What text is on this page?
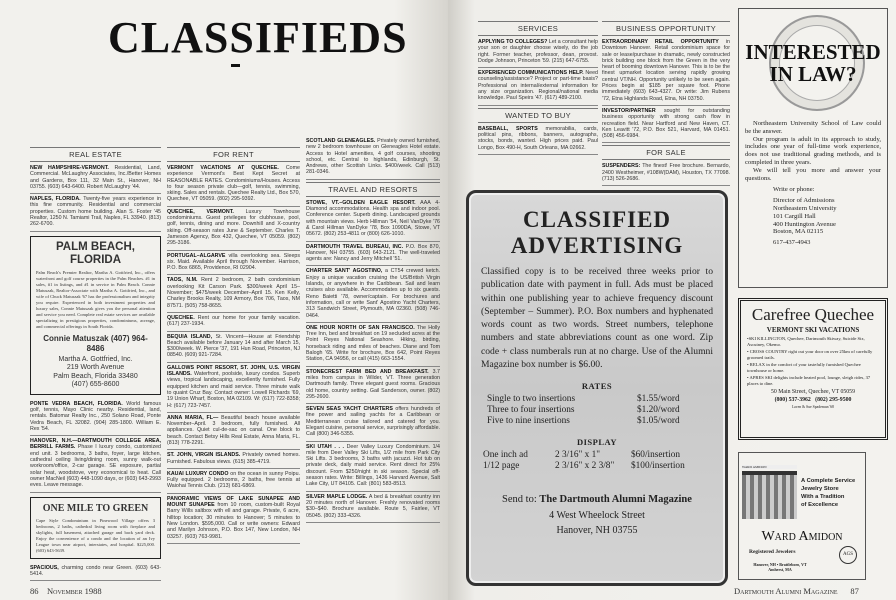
CLASSIFIEDS
REAL ESTATE
NEW HAMPSHIRE-VERMONT. Residential, Land, Commercial. McLaughry Associates, Inc./Better Homes and Gardens, Box 111, 32 Main St., Hanover, NH 03755. (603) 643-6400. Robert McLaughry '44.
NAPLES, FLORIDA. Twenty-five years experience in this fine community. Residential and commercial properties. Custom home building. Alan S. Foster '45 Realtor, 1250 N. Tamiami Trail, Naples, FL 33940. (813) 262-6700.
PALM BEACH, FLORIDA
Palm Beach's Premier Realtor, Martha A. Gottfried, Inc., offers waterfront and golf course properties in the Palm Beaches. #1 in sales, #1 in listings, and #1 in service in Palm Beach. Connie Matuszak, Realtor-Associate with Martha A. Gottfried, Inc., and wife of Chuck Matuszak '67 has the professionalism and integrity you require. Experienced in both investment properties and luxury sales, Connie Matuszak gives you the personal attention and service you need. Complete real estate services are available specializing in prestigious properties, condominiums, acreage, and commercial offerings in South Florida.
Connie Matuszak (407) 964-8486
Martha A. Gottfried, Inc.
219 Worth Avenue
Palm Beach, Florida 33480
(407) 655-8600
PONTE VEDRA BEACH, FLORIDA. World famous golf, tennis, Mayo Clinic nearby. Residential, land, rentals. Batomar Realty Inc., 250 Solano Road, Ponte Vedra Beach, FL 32082. (904) 285-1800. William E. Rex '54.
HANOVER, N.H.—DARTMOUTH COLLEGE AREA, BERRILL FARMS. Phase I luxury condo, customized end unit. 3 bedrooms, 3 baths, foyer, large kitchen, cathedral ceiling living/dining room, sunny walk-out workroom/office, 2-car garage. SE exposure, partial solar heat, woodstove, very economical to heat. Call owner MacNeil (603) 448-1090 days, or (603) 643-2993 eves. Leave message.
ONE MILE TO GREEN
Cape Style Condominium in Pinewood Village offers 3 bedrooms, 2 baths, cathedral living room with fireplace and skylights, full basement, attached garage and back yard deck. Enjoy the convenience of a condo and the location of an Ivy League town near airport, interstates, and hospital. $225,000. (603) 643-5639.
SPACIOUS, charming condo near Green. (603) 643-5414.
FOR RENT
VERMONT VACATIONS AT QUECHEE. Come experience Vermont's Best Kept Secret at REASONABLE RATES. Condominiums/Houses. Access to four season private club—golf, tennis, swimming, skiing. Sales and rentals. Quechee Realty Ltd., Box 570, Quechee, VT 05059. (802) 295-9392.
QUECHEE, VERMONT. Luxury Townhouse condominiums. Guest privileges for clubhouse, pool, golf, tennis, dining and more. Downhill and X-country skiing. Off-season rates June & September. Charles T. Jameson Agency, Box 432, Quechee, VT 05059. (802) 295-3186.
PORTUGAL–ALGARVE villa overlooking sea. Sleeps six. Maid. Available April through November. Harrison, P.O. Box 6865, Providence, RI 02904.
TAOS, N.M. Rent 2 bedroom, 2 bath condominium overlooking Kit Carson Park. $300/week April 15–November; $475/week December–April 15. Ken Kelly, Charley Brooks Realty, 109 Armory, Box 706, Taos, NM 87571. (505) 758-8655.
QUECHEE. Rent our home for your family vacation. (617) 237-1934.
BEQUIA ISLAND, St. Vincent—House at Friendship Beach available before January 14 and after March 15, $300/week. W. Pierce '37, 191 Hun Road, Princeton, NJ 08540. (609) 921-7284.
GALLOWS POINT RESORT, ST. JOHN, U.S. VIRGIN ISLANDS. Waterfront, poolside, luxury condos. Superb views, tropical landscaping, excellently furnished. Fully equipped kitchen and maid service. Three minute walk to quaint Cruz Bay. Contact owner: Lowell Richards '69, 19 Union Wharf, Boston, MA 02109. W: (617) 722-8358; H: (617) 723-7457.
ANNA MARIA, FL— Beautiful beach house available November–April. 3 bedroom, fully furnished. All appliances. Quiet cul-de-sac on canal. One block to beach. Contact Betsy Hills Real Estate, Anna Maria, FL. (813) 778-2291.
ST. JOHN, VIRGIN ISLANDS. Privately owned homes. Furnished. Fabulous views. (615) 385-4719.
KAUAI LUXURY CONDO on the ocean in sunny Poipu. Fully equipped. 2 bedrooms, 2 baths, free tennis at Waiohai Tennis Club. (213) 681-6869.
PANORAMIC VIEWS OF LAKE SUNAPEE AND MOUNT SUNAPEE from 10 room, custom-built Royal Barry Wills saltbox with ell and garage. Private, 6 acre, hilltop location; 30 minutes to Hanover; 5 minutes to New London. $595,000. Call or write owners: Edward and Marilyn Johnson, P.O. Box 147, New London, NH 03257. (603) 763-9981.
SCOTLAND GLENEAGLES. Privately owned furnished, new 2 bedroom townhouse on Gleneagles Hotel estate. Access to Hotel amenities, 4 golf courses, shooting school, etc. Central to highlands, Edinburgh, St. Andrews, other Scottish Links. $400/week. Call (513) 281-0346.
TRAVEL AND RESORTS
STOWE, VT.–GOLDEN EAGLE RESORT. AAA 4-Diamond accommodations. Health spa and indoor pool. Conference center. Superb dining. Landscaped grounds with mountain views. Herb Hillman '54, Neil VanDyke '76 & Carol Hillman VanDyke '78, Box 1090DA, Stowe, VT 05672. (802) 253-4811 or (800) 626-1010.
DARTMOUTH TRAVEL BUREAU, INC. P.O. Box 870, Hanover, NH 03755. (603) 643-2121. The well-traveled agents are: Nancy and Jerry Mitchell '51.
CHARTER SANT' AGOSTINO, a CT54 crewed ketch. Enjoy a unique vacation cruising the US/British Virgin Islands, or anywhere in the Caribbean. Sail and learn cruises also available. Accommodates up to six guests. Reno Baietti '78, owner/captain. For brochures and information, call or write Sant' Agostino Yacht Charters, 313 Sandwich Street, Plymouth, MA 02360. (508) 746-0464.
ONE HOUR NORTH OF SAN FRANCISCO. The Holly Tree Inn, bed and breakfast on 19 secluded acres at the Point Reyes National Seashore. Hiking, birding, horseback riding and miles of beaches. Diane and Tom Balogh '65. Write for brochure, Box 642, Point Reyes Station, CA 94956, or call (415) 663-1554.
STONECREST FARM BED AND BREAKFAST. 3.7 miles from campus in Wilder, VT. Three generation Dartmouth family. Three elegant guest rooms. Gracious old home, country setting. Gail Sanderson, owner. (802) 295-2600.
SEVEN SEAS YACHT CHARTERS offers hundreds of fine power and sailing yachts for a Caribbean or Mediterranean cruise tailored and catered for you. Elegant cuisine, personal service, surprisingly affordable. Call (800) 346-5355.
SKI UTAH . . . Deer Valley Luxury Condominium. 1/4 mile from Deer Valley Ski Lifts, 1/2 mile from Park City Ski Lifts. 3 bedrooms, 3 baths with jacuzzi. Hot tub on private deck, daily maid service. Rent direct for 25% discount. From $250/night in ski season. Special off-season rates. Write: Billings, 1436 Harvard Avenue, Salt Lake City, UT 84105. Call: (801) 583-8513.
SILVER MAPLE LODGE. A bed & breakfast country inn 20 minutes north of Hanover. Freshly renovated rooms $30–$40. Brochure available. Route 5, Fairlee, VT 05045. (802) 333-4326.
86 November 1988
SERVICES
APPLYING TO COLLEGES? Let a consultant help your son or daughter choose wisely, do the job right. Former teacher, professor, dean, provost. Dodge Johnson, Princeton '59. (215) 647-6755.
EXPERIENCED COMMUNICATIONS HELP. Need counseling/assistance? Project or part-time basis? Professional on internal/external information for any size organization. Regional/national media knowledge. Paul Speirs '47. (617) 489-2100.
WANTED TO BUY
BASEBALL, SPORTS memorabilia, cards, political pins, ribbons, banners, autographs, stocks, bonds, wanted. High prices paid. Paul Longo, Box 490-H, South Orleans, MA 02662.
BUSINESS OPPORTUNITY
EXTRAORDINARY RETAIL OPPORTUNITY in Downtown Hanover. Retail condominium space for sale or lease/purchase in dramatic, newly constructed brick building one block from the Green in the very heart of booming downtown Hanover. This is to be the finest upmarket location serving rapidly growing central VT/NH. Opportunity unlikely to be seen again. Prices begin at $185 per square foot. Phone immediately (603) 643-4327. Or write: Jim Rubens '72, Etna Highlands Road, Etna, NH 03750.
INVESTOR/PARTNER sought for outstanding business opportunity with strong cash flow in recreation field. Near Hartford and New Haven, CT. Ken Leavitt '72, P.O. Box 521, Harvard, MA 01451. (508) 456-6984.
FOR SALE
SUSPENDERS: The finest! Free brochure. Bernardo, 2400 Westheimer, #108W(DAM), Houston, TX 77098. (713) 526-2686.
Dartmouth Alumni Magazine 87
CLASSIFIED
ADVERTISING
Classified copy is to be received three weeks prior to publication date with payment in full. Ads must be placed within one publishing year to achieve frequency discount (September – Summer). P.O. Box numbers and hyphenated words count as two words. Street numbers, telephone numbers and state abbreviations count as one word. Zip code + class numberals run at no charge. Use of the Alumni Magazine box number is $6.00.
RATES
Single to two insertions	$1.55/word
Three to four insertions	$1.20/word
Five to nine insertions	$1.05/word
DISPLAY
One inch ad	2 3/16" x 1"	$60/insertion
1/12 page	2 3/16" x 2 3/8"	$100/insertion
Send to: The Dartmouth Alumni Magazine
4 West Wheelock Street
Hanover, NH 03755
INTERESTED
IN LAW?

Northeastern University School of Law could be the answer.

Our program is adult in its approach to study, includes one year of full-time work experience, does not use traditional grading methods, and is completed in three years.

We will tell you more and answer your questions.

Write or phone:
Director of Admissions
Northeastern University
101 Cargill Hall
400 Huntington Avenue
Boston, MA 02115
617-437-4943
Carefree Quechee
VERMONT SKI VACATIONS
•SKI KILLINGTON, Quechee, Dartmouth Skiway, Suicide Six, Ascutney, Okemo.
• CROSS COUNTRY right out your door on over 25km of carefully groomed trails.
• RELAX in the comfort of your tastefully furnished Quechee townhouse or home.
• APRES SKI delights include heated pool, lounge, sleigh rides, 37 places to dine.
50 Main Street, Quechee, VT 05059
(800) 537-3962 (802) 295-9500
Loren & Sue Spademan '68
WARD AMIDON
A Complete Service
Jewelry Store
With a Tradition
of Excellence
Ward Amidon
Registered Jewelers	AGS
Hanover, NH • Brattleboro, VT
Amherst, MA
